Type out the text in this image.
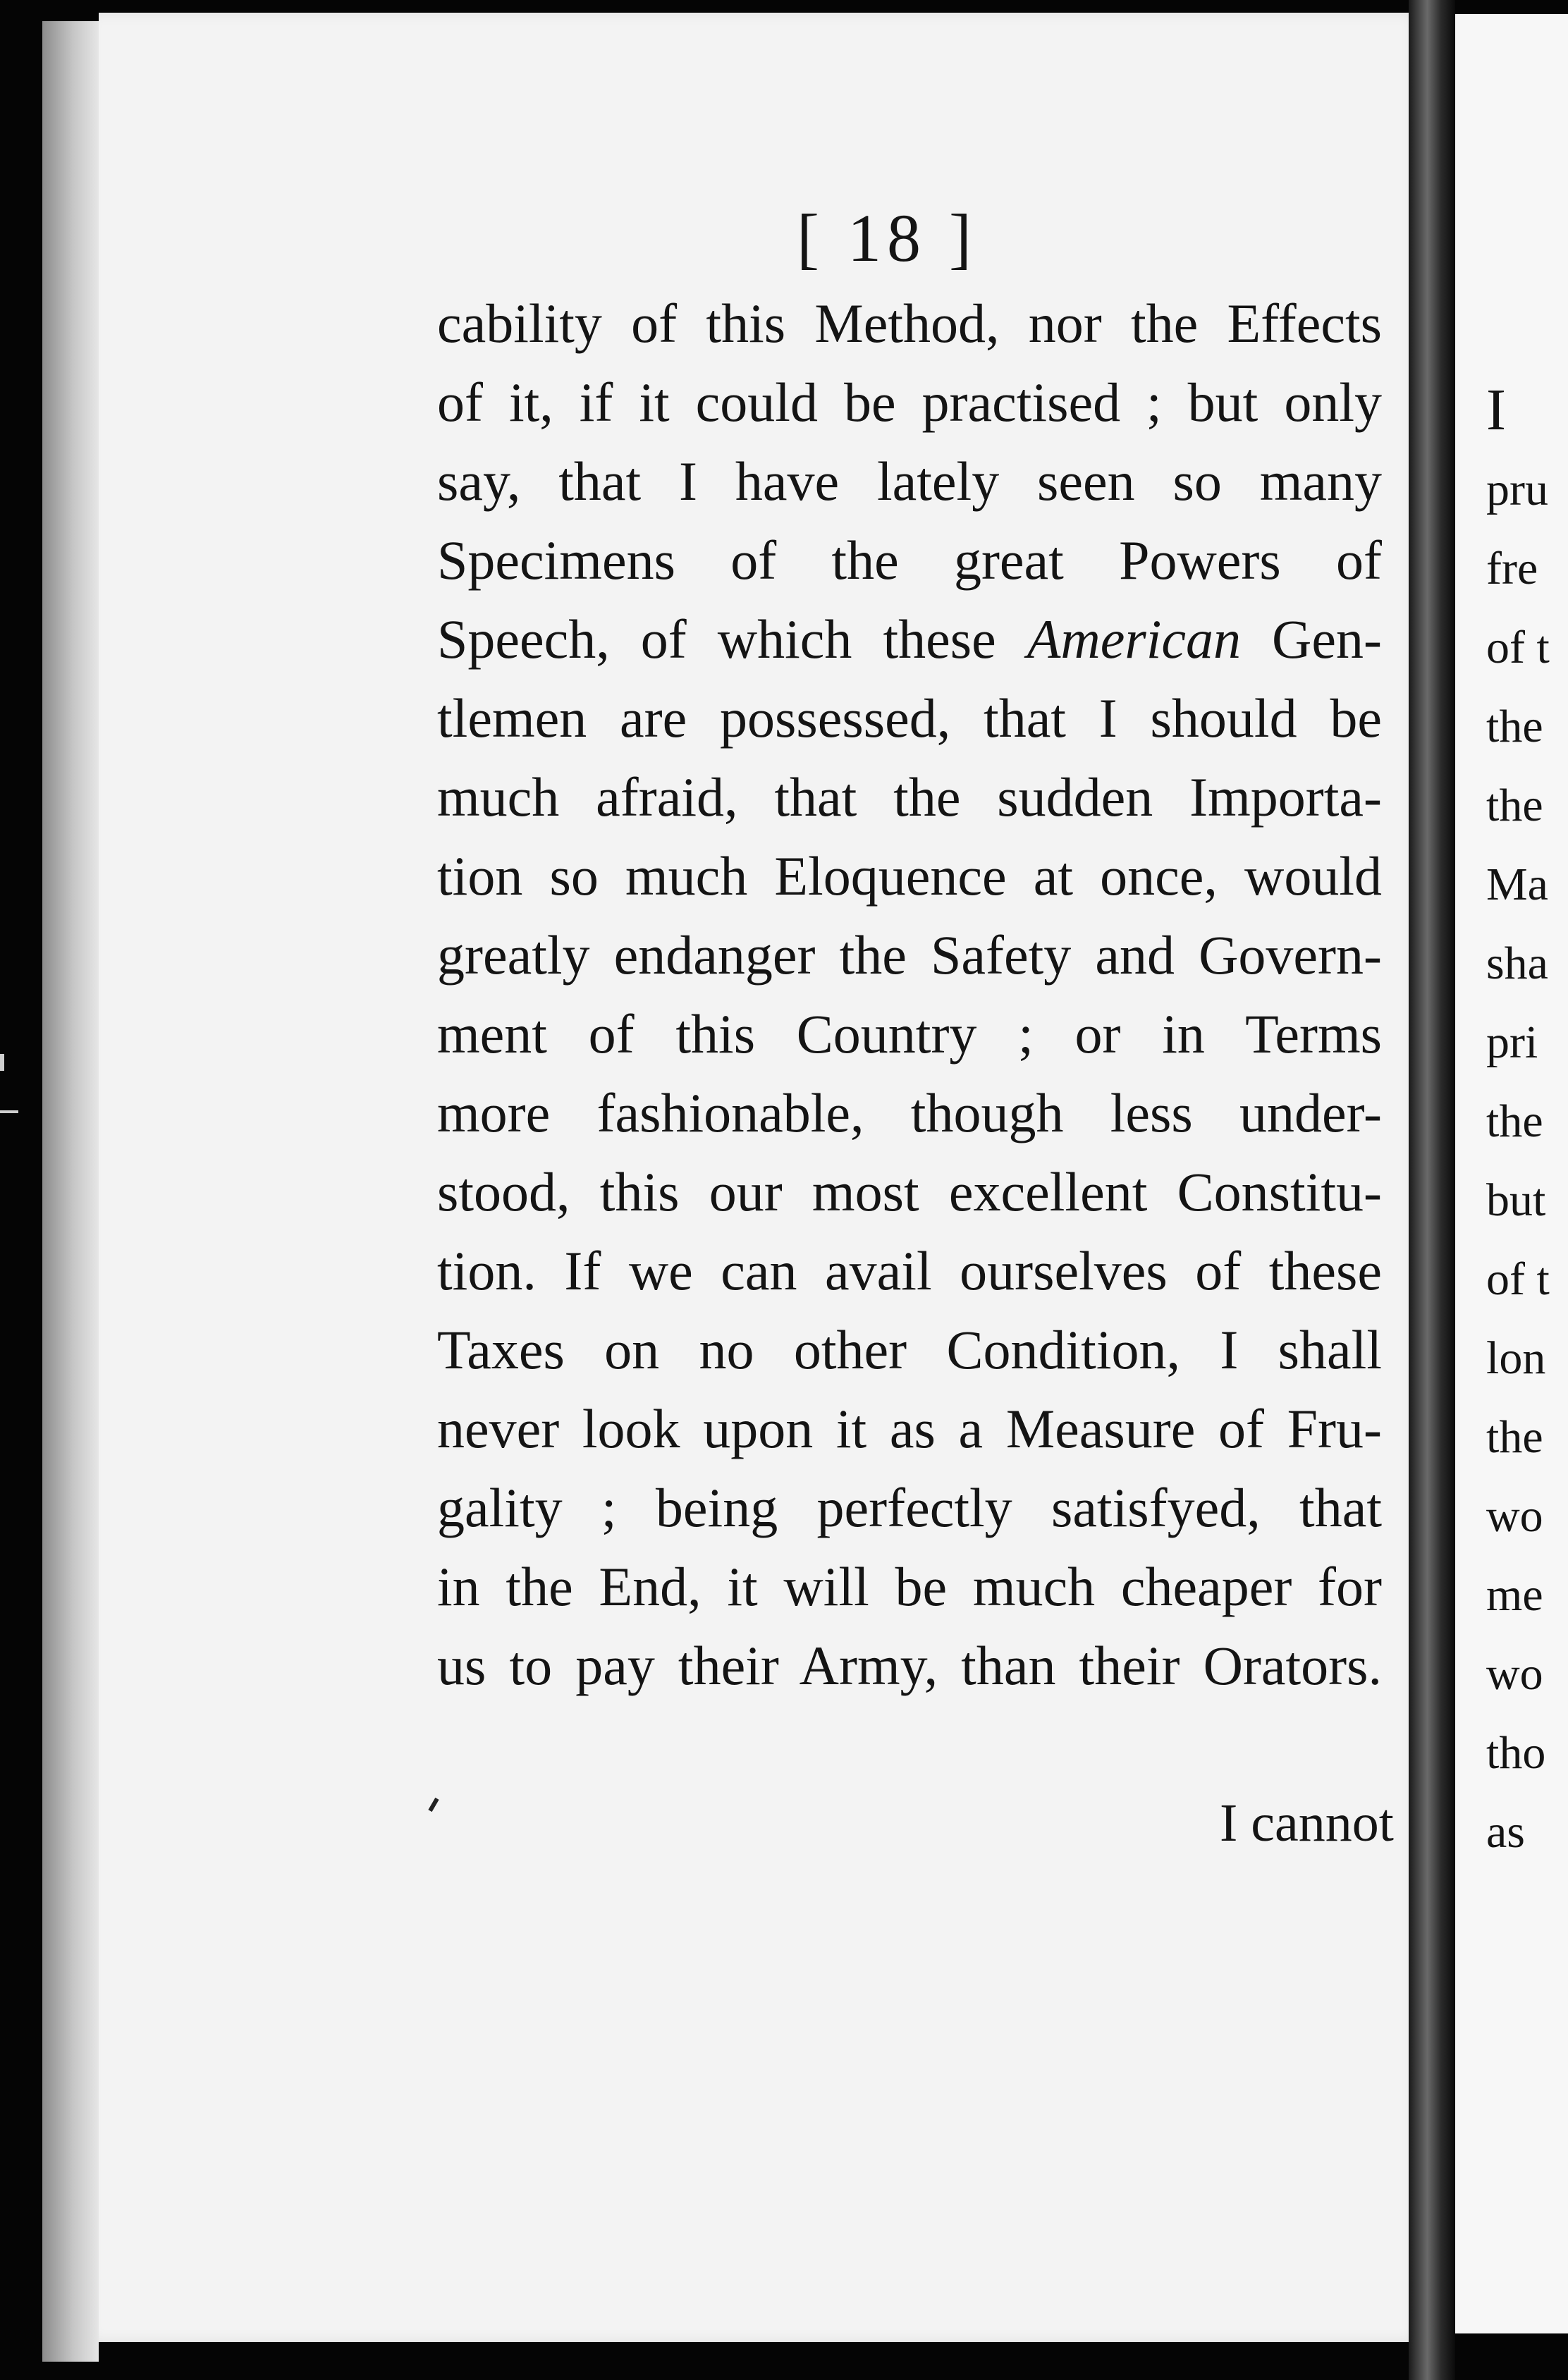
[ 18 ]
cability of this Method, nor the Effects
of it, if it could be practised ; but only
say, that I have lately seen so many
Specimens of the great Powers of
Speech, of which these American Gen-
tlemen are possessed, that I should be
much afraid, that the sudden Importa-
tion so much Eloquence at once, would
greatly endanger the Safety and Govern-
ment of this Country ; or in Terms
more fashionable, though less under-
stood, this our most excellent Constitu-
tion. If we can avail ourselves of these
Taxes on no other Condition, I shall
never look upon it as a Measure of Fru-
gality ; being perfectly satisfyed, that
in the End, it will be much cheaper for
us to pay their Army, than their Orators.
I cannot
I
pru
fre
of t
the
the
Ma
sha
pri
the
but
of t
lon
the
wo
me
wo
tho
as
